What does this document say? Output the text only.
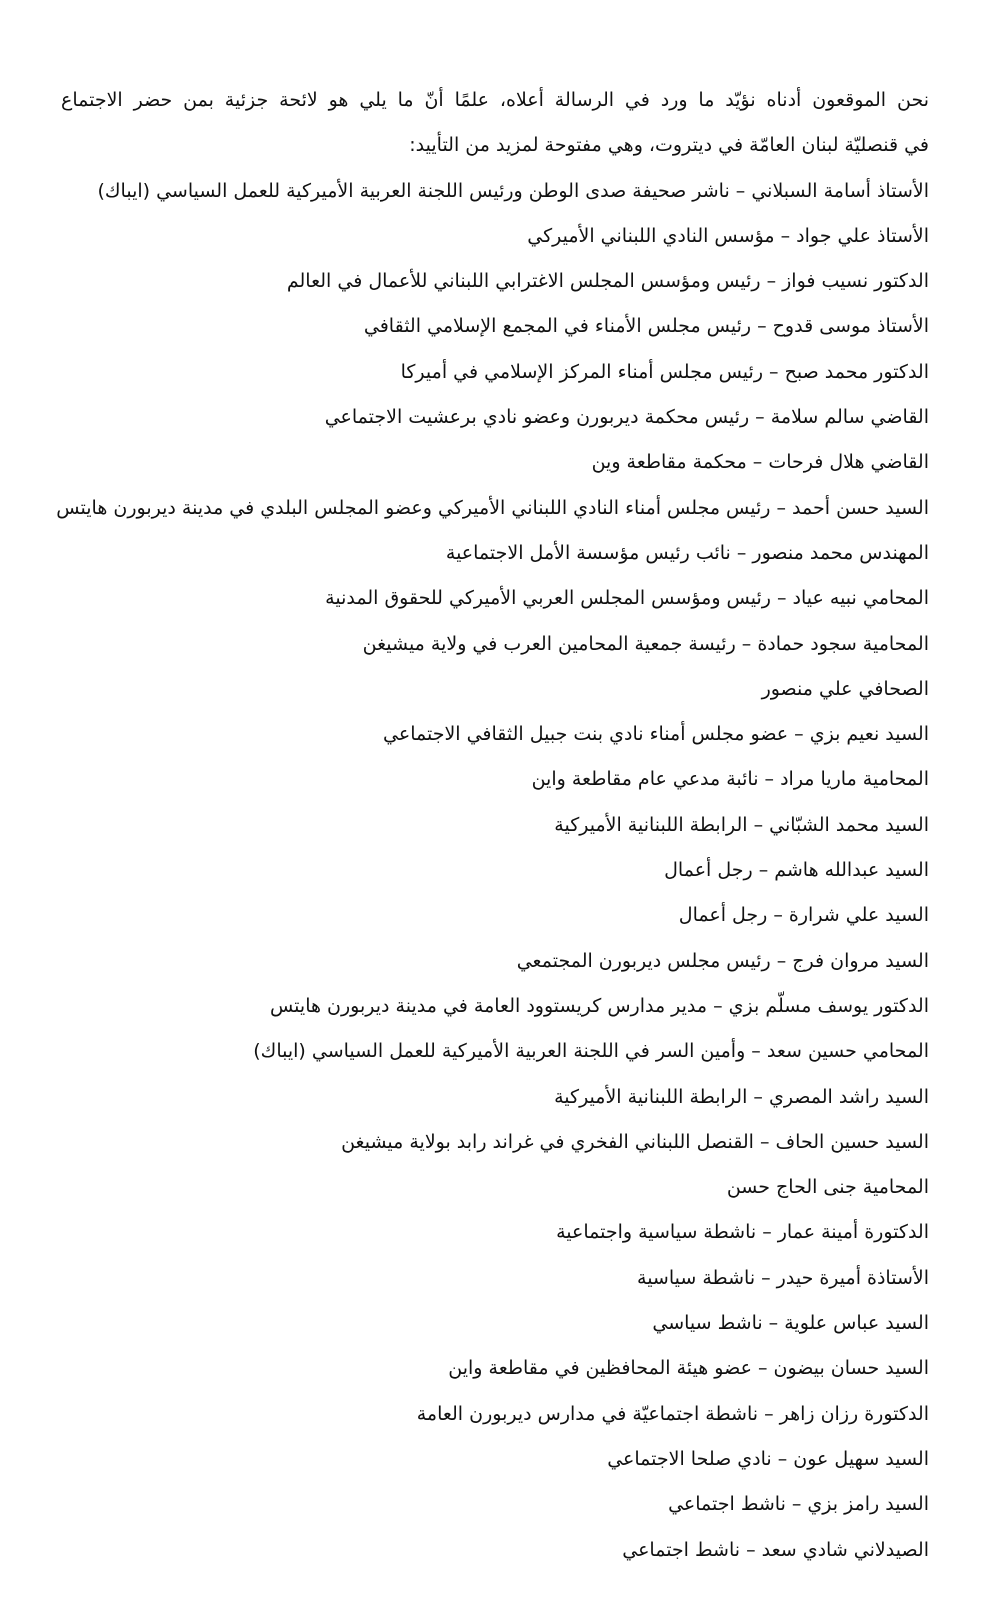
نحن الموقعون أدناه نؤيّد ما ورد في الرسالة أعلاه، علمًا أنّ ما يلي هو لائحة جزئية بمن حضر الاجتماع
في قنصليّة لبنان العامّة في ديتروت، وهي مفتوحة لمزيد من التأييد:
الأستاذ أسامة السبلاني – ناشر صحيفة صدى الوطن ورئيس اللجنة العربية الأميركية للعمل السياسي (ايباك)
الأستاذ علي جواد – مؤسس النادي اللبناني الأميركي
الدكتور نسيب فواز – رئيس ومؤسس المجلس الاغترابي اللبناني للأعمال في العالم
الأستاذ موسى قدوح – رئيس مجلس الأمناء في المجمع الإسلامي الثقافي
الدكتور محمد صبح – رئيس مجلس أمناء المركز الإسلامي في أميركا
القاضي سالم سلامة – رئيس محكمة ديربورن وعضو نادي برعشيت الاجتماعي
القاضي هلال فرحات – محكمة مقاطعة وين
السيد حسن أحمد – رئيس مجلس أمناء النادي اللبناني الأميركي وعضو المجلس البلدي في مدينة ديربورن هايتس
المهندس محمد منصور – نائب رئيس مؤسسة الأمل الاجتماعية
المحامي نبيه عياد – رئيس ومؤسس المجلس العربي الأميركي للحقوق المدنية
المحامية سجود حمادة – رئيسة جمعية المحامين العرب في ولاية ميشيغن
الصحافي علي منصور
السيد نعيم بزي – عضو مجلس أمناء نادي بنت جبيل الثقافي الاجتماعي
المحامية ماريا مراد – نائبة مدعي عام مقاطعة واين
السيد محمد الشبّاني – الرابطة اللبنانية الأميركية
السيد عبدالله هاشم – رجل أعمال
السيد علي شرارة – رجل أعمال
السيد مروان فرج – رئيس مجلس ديربورن المجتمعي
الدكتور يوسف مسلّم بزي – مدير مدارس كريستوود العامة في مدينة ديربورن هايتس
المحامي حسين سعد – وأمين السر في اللجنة العربية الأميركية للعمل السياسي (ايباك)
السيد راشد المصري – الرابطة اللبنانية الأميركية
السيد حسين الحاف – القنصل اللبناني الفخري في غراند رابد بولاية ميشيغن
المحامية جنى الحاج حسن
الدكتورة أمينة عمار – ناشطة سياسية واجتماعية
الأستاذة أميرة حيدر – ناشطة سياسية
السيد عباس علوية – ناشط سياسي
السيد حسان بيضون – عضو هيئة المحافظين في مقاطعة واين
الدكتورة رزان زاهر – ناشطة اجتماعيّة في مدارس ديربورن العامة
السيد سهيل عون – نادي صلحا الاجتماعي
السيد رامز بزي – ناشط اجتماعي
الصيدلاني شادي سعد – ناشط اجتماعي
